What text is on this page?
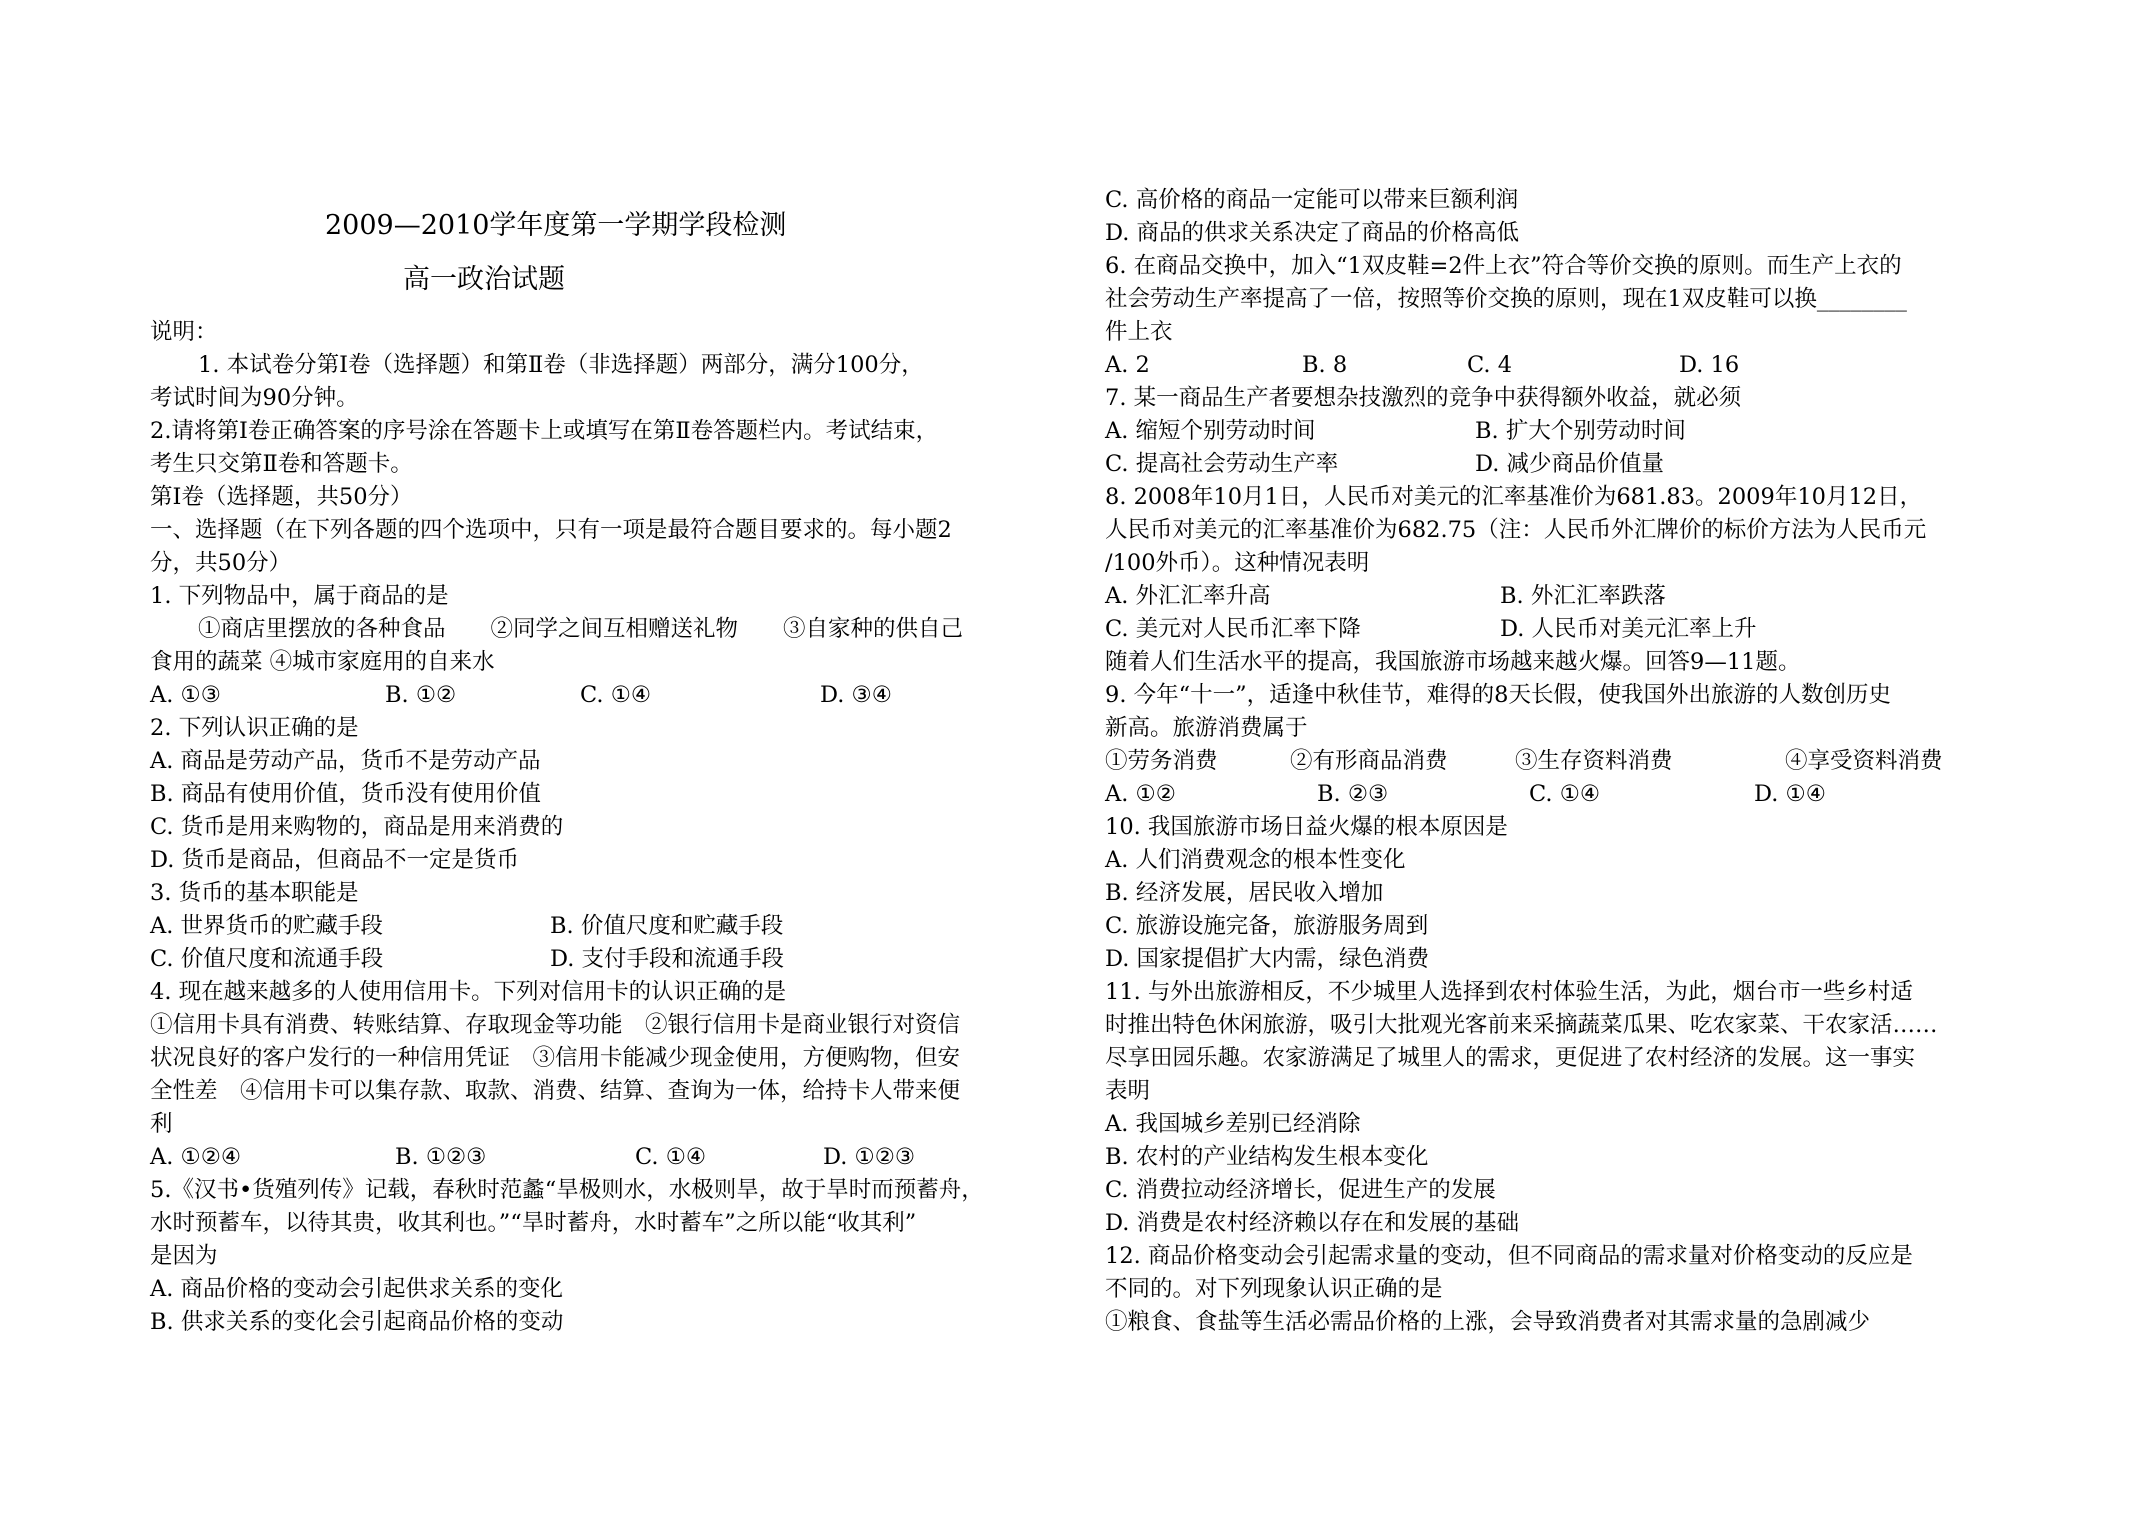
2009—2010学年度第一学期学段检测
高一政治试题
说明：
1. 本试卷分第Ⅰ卷（选择题）和第Ⅱ卷（非选择题）两部分，满分100分，
考试时间为90分钟。
2.请将第Ⅰ卷正确答案的序号涂在答题卡上或填写在第Ⅱ卷答题栏内。考试结束，
考生只交第Ⅱ卷和答题卡。
第Ⅰ卷（选择题，共50分）
一、选择题（在下列各题的四个选项中，只有一项是最符合题目要求的。每小题2
分，共50分）
1. 下列物品中，属于商品的是
①商店里摆放的各种食品　　②同学之间互相赠送礼物　　③自家种的供自己
食用的蔬菜 ④城市家庭用的自来水
A. ①③	B. ①②	C. ①④	D. ③④
2. 下列认识正确的是
A. 商品是劳动产品，货币不是劳动产品
B. 商品有使用价值，货币没有使用价值
C. 货币是用来购物的，商品是用来消费的
D. 货币是商品，但商品不一定是货币
3. 货币的基本职能是
A. 世界货币的贮藏手段	B. 价值尺度和贮藏手段
C. 价值尺度和流通手段	D. 支付手段和流通手段
4. 现在越来越多的人使用信用卡。下列对信用卡的认识正确的是
①信用卡具有消费、转账结算、存取现金等功能　②银行信用卡是商业银行对资信
状况良好的客户发行的一种信用凭证　③信用卡能减少现金使用，方便购物，但安
全性差　④信用卡可以集存款、取款、消费、结算、查询为一体，给持卡人带来便
利
A. ①②④	B. ①②③	C. ①④	D. ①②③
5.《汉书•货殖列传》记载，春秋时范蠡“旱极则水，水极则旱，故于旱时而预蓄舟，
水时预蓄车，以待其贵，收其利也。”“旱时蓄舟，水时蓄车”之所以能“收其利”
是因为
A. 商品价格的变动会引起供求关系的变化
B. 供求关系的变化会引起商品价格的变动
C. 高价格的商品一定能可以带来巨额利润
D. 商品的供求关系决定了商品的价格高低
6. 在商品交换中，加入“1双皮鞋=2件上衣”符合等价交换的原则。而生产上衣的
社会劳动生产率提高了一倍，按照等价交换的原则，现在1双皮鞋可以换________
件上衣
A. 2	B. 8	C. 4	D. 16
7. 某一商品生产者要想杂技激烈的竞争中获得额外收益，就必须
A. 缩短个别劳动时间	B. 扩大个别劳动时间
C. 提高社会劳动生产率	D. 减少商品价值量
8. 2008年10月1日，人民币对美元的汇率基准价为681.83。2009年10月12日，
人民币对美元的汇率基准价为682.75（注：人民币外汇牌价的标价方法为人民币元
/100外币）。这种情况表明
A. 外汇汇率升高	B. 外汇汇率跌落
C. 美元对人民币汇率下降	D. 人民币对美元汇率上升
随着人们生活水平的提高，我国旅游市场越来越火爆。回答9—11题。
9. 今年“十一”，适逢中秋佳节，难得的8天长假，使我国外出旅游的人数创历史
新高。旅游消费属于
①劳务消费	②有形商品消费	③生存资料消费	④享受资料消费
A. ①②	B. ②③	C. ①④	D. ①④
10. 我国旅游市场日益火爆的根本原因是
A. 人们消费观念的根本性变化
B. 经济发展，居民收入增加
C. 旅游设施完备，旅游服务周到
D. 国家提倡扩大内需，绿色消费
11. 与外出旅游相反，不少城里人选择到农村体验生活，为此，烟台市一些乡村适
时推出特色休闲旅游，吸引大批观光客前来采摘蔬菜瓜果、吃农家菜、干农家活……
尽享田园乐趣。农家游满足了城里人的需求，更促进了农村经济的发展。这一事实
表明
A. 我国城乡差别已经消除
B. 农村的产业结构发生根本变化
C. 消费拉动经济增长，促进生产的发展
D. 消费是农村经济赖以存在和发展的基础
12. 商品价格变动会引起需求量的变动，但不同商品的需求量对价格变动的反应是
不同的。对下列现象认识正确的是
①粮食、食盐等生活必需品价格的上涨，会导致消费者对其需求量的急剧减少
